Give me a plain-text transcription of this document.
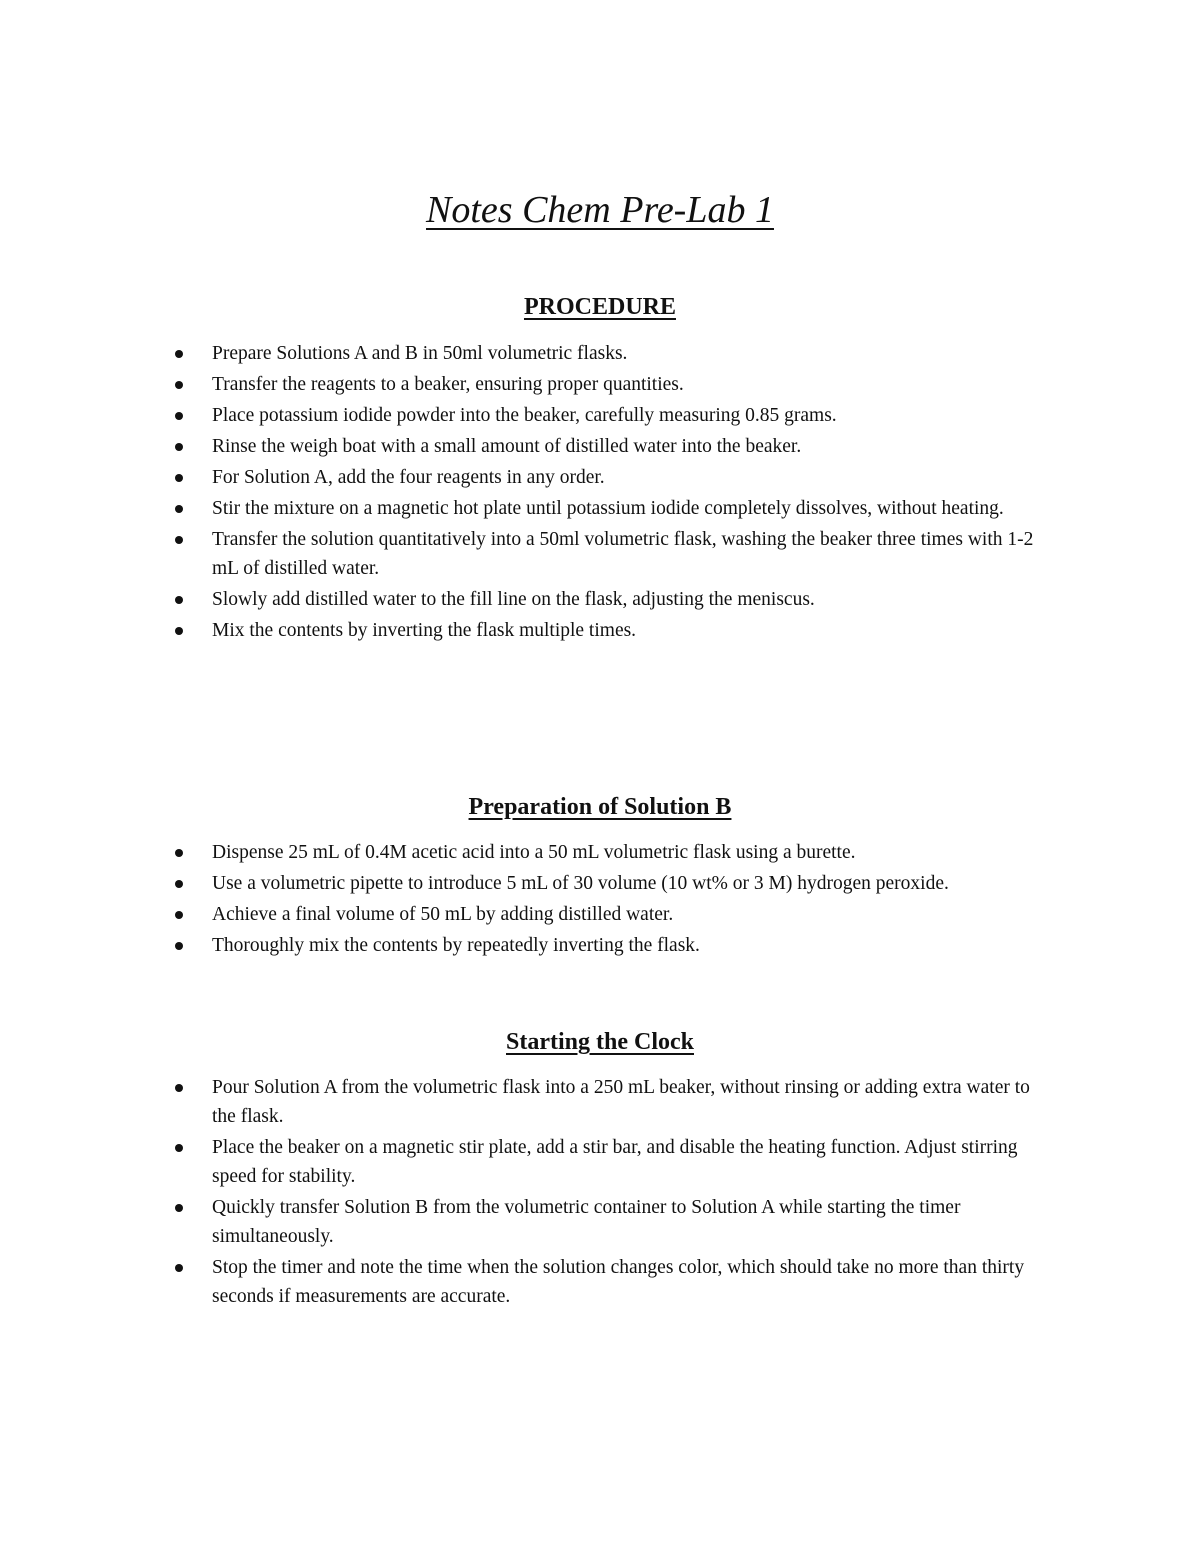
Notes Chem Pre-Lab 1
PROCEDURE
Prepare Solutions A and B in 50ml volumetric flasks.
Transfer the reagents to a beaker, ensuring proper quantities.
Place potassium iodide powder into the beaker, carefully measuring 0.85 grams.
Rinse the weigh boat with a small amount of distilled water into the beaker.
For Solution A, add the four reagents in any order.
Stir the mixture on a magnetic hot plate until potassium iodide completely dissolves, without heating.
Transfer the solution quantitatively into a 50ml volumetric flask, washing the beaker three times with 1-2 mL of distilled water.
Slowly add distilled water to the fill line on the flask, adjusting the meniscus.
Mix the contents by inverting the flask multiple times.
Preparation of Solution B
Dispense 25 mL of 0.4M acetic acid into a 50 mL volumetric flask using a burette.
Use a volumetric pipette to introduce 5 mL of 30 volume (10 wt% or 3 M) hydrogen peroxide.
Achieve a final volume of 50 mL by adding distilled water.
Thoroughly mix the contents by repeatedly inverting the flask.
Starting the Clock
Pour Solution A from the volumetric flask into a 250 mL beaker, without rinsing or adding extra water to the flask.
Place the beaker on a magnetic stir plate, add a stir bar, and disable the heating function. Adjust stirring speed for stability.
Quickly transfer Solution B from the volumetric container to Solution A while starting the timer simultaneously.
Stop the timer and note the time when the solution changes color, which should take no more than thirty seconds if measurements are accurate.
